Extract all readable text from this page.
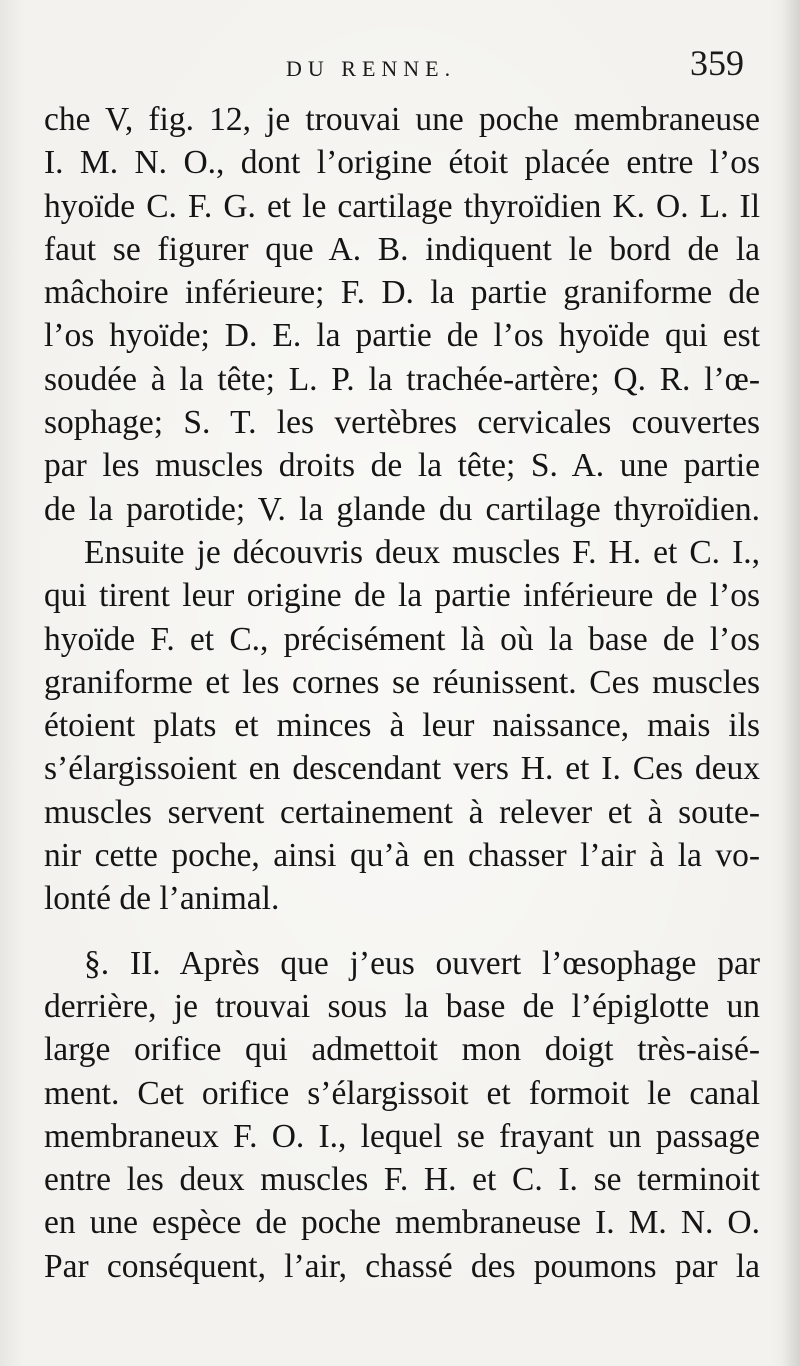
DU RENNE.	359
che V, fig. 12, je trouvai une poche membraneuse
I. M. N. O., dont l’origine étoit placée entre l’os
hyoïde C. F. G. et le cartilage thyroïdien K. O. L. Il
faut se figurer que A. B. indiquent le bord de la
mâchoire inférieure; F. D. la partie graniforme de
l’os hyoïde; D. E. la partie de l’os hyoïde qui est
soudée à la tête; L. P. la trachée-artère; Q. R. l’œ-
sophage; S. T. les vertèbres cervicales couvertes
par les muscles droits de la tête; S. A. une partie
de la parotide; V. la glande du cartilage thyroïdien.
Ensuite je découvris deux muscles F. H. et C. I.,
qui tirent leur origine de la partie inférieure de l’os
hyoïde F. et C., précisément là où la base de l’os
graniforme et les cornes se réunissent. Ces muscles
étoient plats et minces à leur naissance, mais ils
s’élargissoient en descendant vers H. et I. Ces deux
muscles servent certainement à relever et à soute-
nir cette poche, ainsi qu’à en chasser l’air à la vo-
lonté de l’animal.
§. II. Après que j’eus ouvert l’œsophage par
derrière, je trouvai sous la base de l’épiglotte un
large orifice qui admettoit mon doigt très-aisé-
ment. Cet orifice s’élargissoit et formoit le canal
membraneux F. O. I., lequel se frayant un passage
entre les deux muscles F. H. et C. I. se terminoit
en une espèce de poche membraneuse I. M. N. O.
Par conséquent, l’air, chassé des poumons par la
